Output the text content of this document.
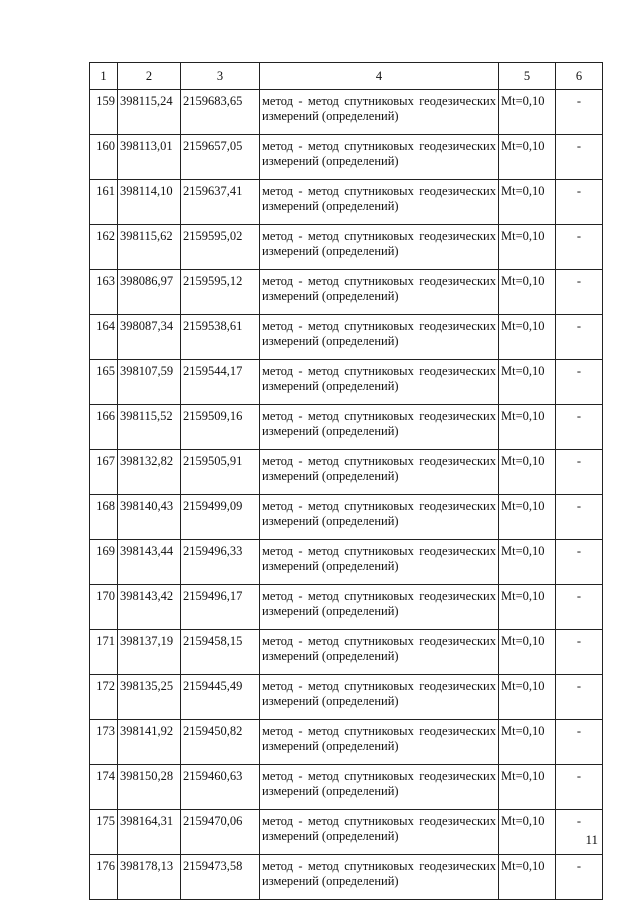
1	2	3	4	5	6
159	398115,24	2159683,65	метод - метод спутниковых геодезических измерений (определений)	Mt=0,10	-
160	398113,01	2159657,05	метод - метод спутниковых геодезических измерений (определений)	Mt=0,10	-
161	398114,10	2159637,41	метод - метод спутниковых геодезических измерений (определений)	Mt=0,10	-
162	398115,62	2159595,02	метод - метод спутниковых геодезических измерений (определений)	Mt=0,10	-
163	398086,97	2159595,12	метод - метод спутниковых геодезических измерений (определений)	Mt=0,10	-
164	398087,34	2159538,61	метод - метод спутниковых геодезических измерений (определений)	Mt=0,10	-
165	398107,59	2159544,17	метод - метод спутниковых геодезических измерений (определений)	Mt=0,10	-
166	398115,52	2159509,16	метод - метод спутниковых геодезических измерений (определений)	Mt=0,10	-
167	398132,82	2159505,91	метод - метод спутниковых геодезических измерений (определений)	Mt=0,10	-
168	398140,43	2159499,09	метод - метод спутниковых геодезических измерений (определений)	Mt=0,10	-
169	398143,44	2159496,33	метод - метод спутниковых геодезических измерений (определений)	Mt=0,10	-
170	398143,42	2159496,17	метод - метод спутниковых геодезических измерений (определений)	Mt=0,10	-
171	398137,19	2159458,15	метод - метод спутниковых геодезических измерений (определений)	Mt=0,10	-
172	398135,25	2159445,49	метод - метод спутниковых геодезических измерений (определений)	Mt=0,10	-
173	398141,92	2159450,82	метод - метод спутниковых геодезических измерений (определений)	Mt=0,10	-
174	398150,28	2159460,63	метод - метод спутниковых геодезических измерений (определений)	Mt=0,10	-
175	398164,31	2159470,06	метод - метод спутниковых геодезических измерений (определений)	Mt=0,10	-
176	398178,13	2159473,58	метод - метод спутниковых геодезических измерений (определений)	Mt=0,10	-
11
